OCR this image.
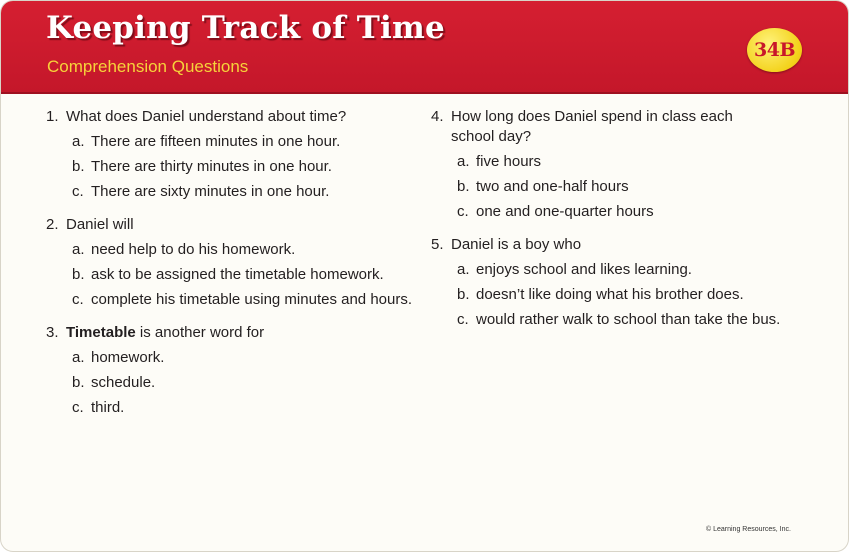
Keeping Track of Time
Comprehension Questions
34B
1. What does Daniel understand about time?
a. There are fifteen minutes in one hour.
b. There are thirty minutes in one hour.
c. There are sixty minutes in one hour.
2. Daniel will
a. need help to do his homework.
b. ask to be assigned the timetable homework.
c. complete his timetable using minutes and hours.
3. Timetable is another word for
a. homework.
b. schedule.
c. third.
4. How long does Daniel spend in class each school day?
a. five hours
b. two and one-half hours
c. one and one-quarter hours
5. Daniel is a boy who
a. enjoys school and likes learning.
b. doesn’t like doing what his brother does.
c. would rather walk to school than take the bus.
© Learning Resources, Inc.
